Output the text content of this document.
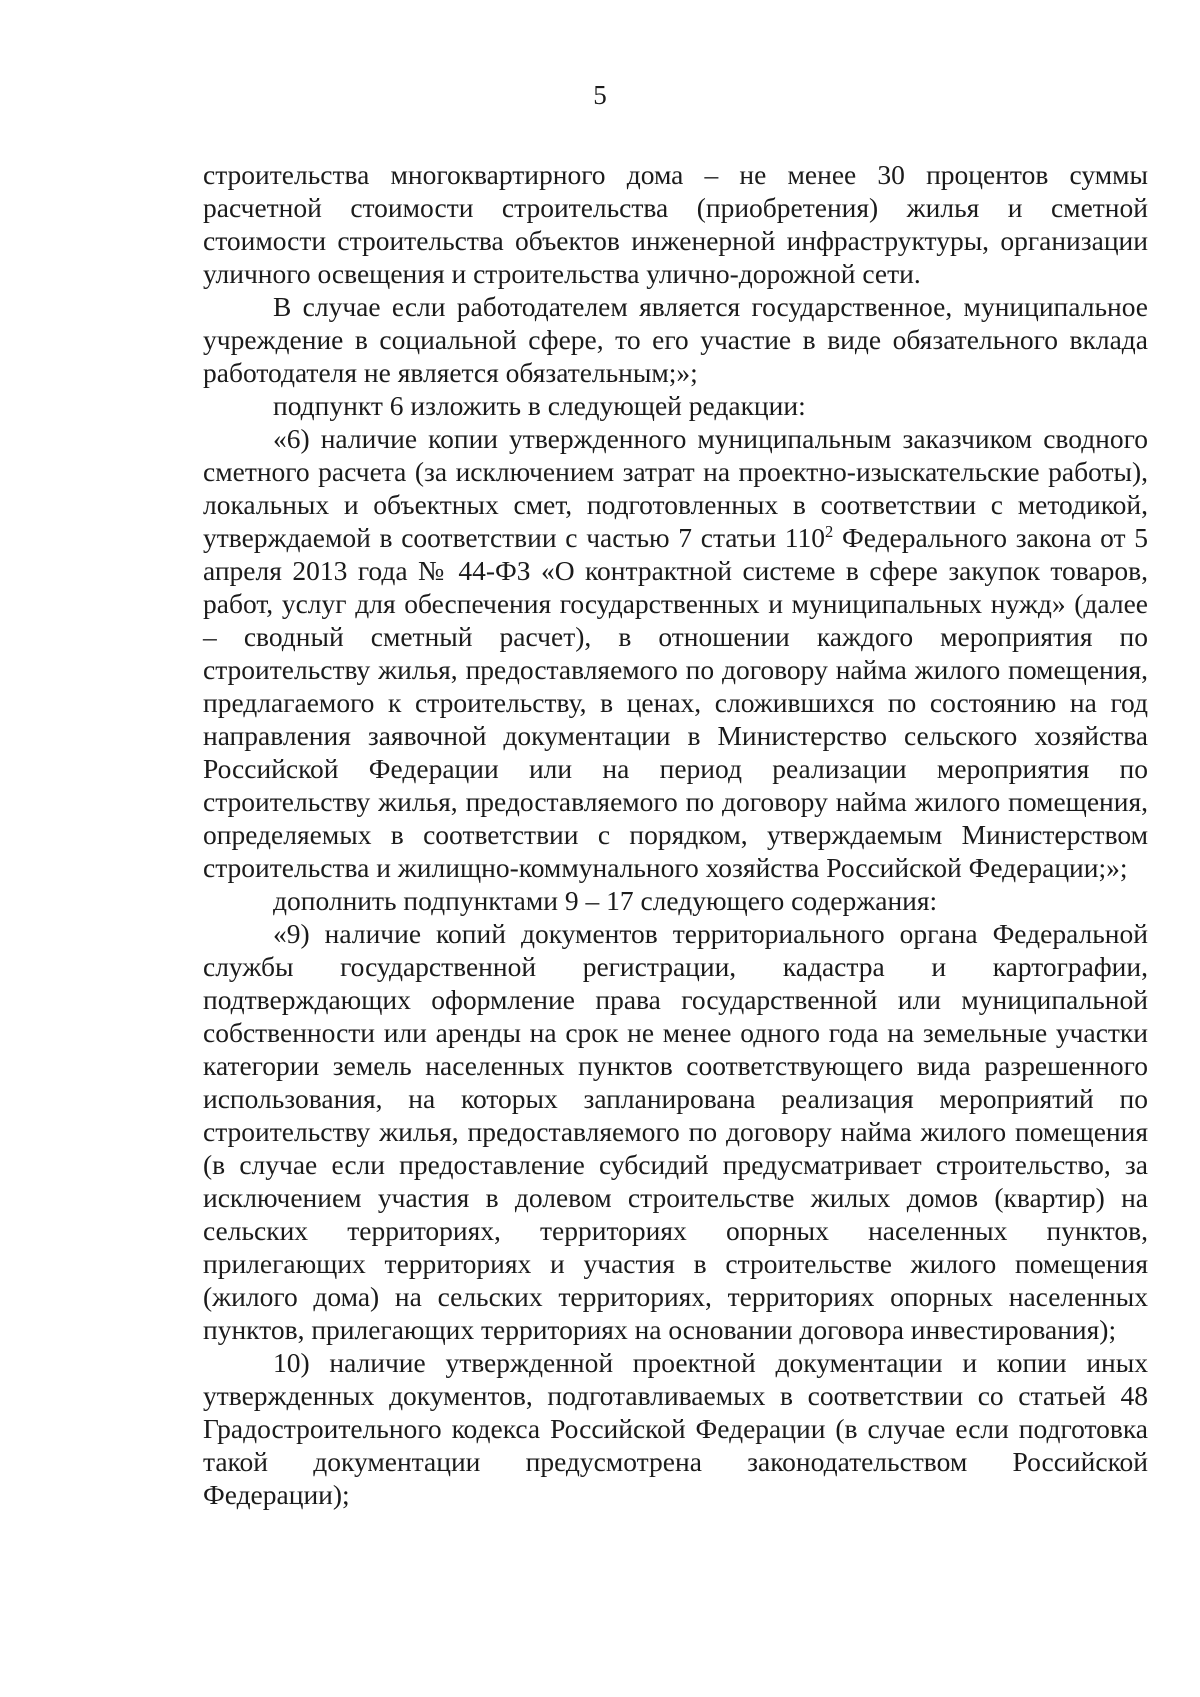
5

строительства многоквартирного дома – не менее 30 процентов суммы расчетной стоимости строительства (приобретения) жилья и сметной стоимости строительства объектов инженерной инфраструктуры, организации уличного освещения и строительства улично-дорожной сети.

В случае если работодателем является государственное, муниципальное учреждение в социальной сфере, то его участие в виде обязательного вклада работодателя не является обязательным;»;

подпункт 6 изложить в следующей редакции:

«6) наличие копии утвержденного муниципальным заказчиком сводного сметного расчета (за исключением затрат на проектно-изыскательские работы), локальных и объектных смет, подготовленных в соответствии с методикой, утверждаемой в соответствии с частью 7 статьи $110^2$ Федерального закона от 5 апреля 2013 года № 44-ФЗ «О контрактной системе в сфере закупок товаров, работ, услуг для обеспечения государственных и муниципальных нужд» (далее – сводный сметный расчет), в отношении каждого мероприятия по строительству жилья, предоставляемого по договору найма жилого помещения, предлагаемого к строительству, в ценах, сложившихся по состоянию на год направления заявочной документации в Министерство сельского хозяйства Российской Федерации или на период реализации мероприятия по строительству жилья, предоставляемого по договору найма жилого помещения, определяемых в соответствии с порядком, утверждаемым Министерством строительства и жилищно-коммунального хозяйства Российской Федерации;»;

дополнить подпунктами 9 – 17 следующего содержания:

«9) наличие копий документов территориального органа Федеральной службы государственной регистрации, кадастра и картографии, подтверждающих оформление права государственной или муниципальной собственности или аренды на срок не менее одного года на земельные участки категории земель населенных пунктов соответствующего вида разрешенного использования, на которых запланирована реализация мероприятий по строительству жилья, предоставляемого по договору найма жилого помещения (в случае если предоставление субсидий предусматривает строительство, за исключением участия в долевом строительстве жилых домов (квартир) на сельских территориях, территориях опорных населенных пунктов, прилегающих территориях и участия в строительстве жилого помещения (жилого дома) на сельских территориях, территориях опорных населенных пунктов, прилегающих территориях на основании договора инвестирования);

10) наличие утвержденной проектной документации и копии иных утвержденных документов, подготавливаемых в соответствии со статьей 48 Градостроительного кодекса Российской Федерации (в случае если подготовка такой документации предусмотрена законодательством Российской Федерации);
